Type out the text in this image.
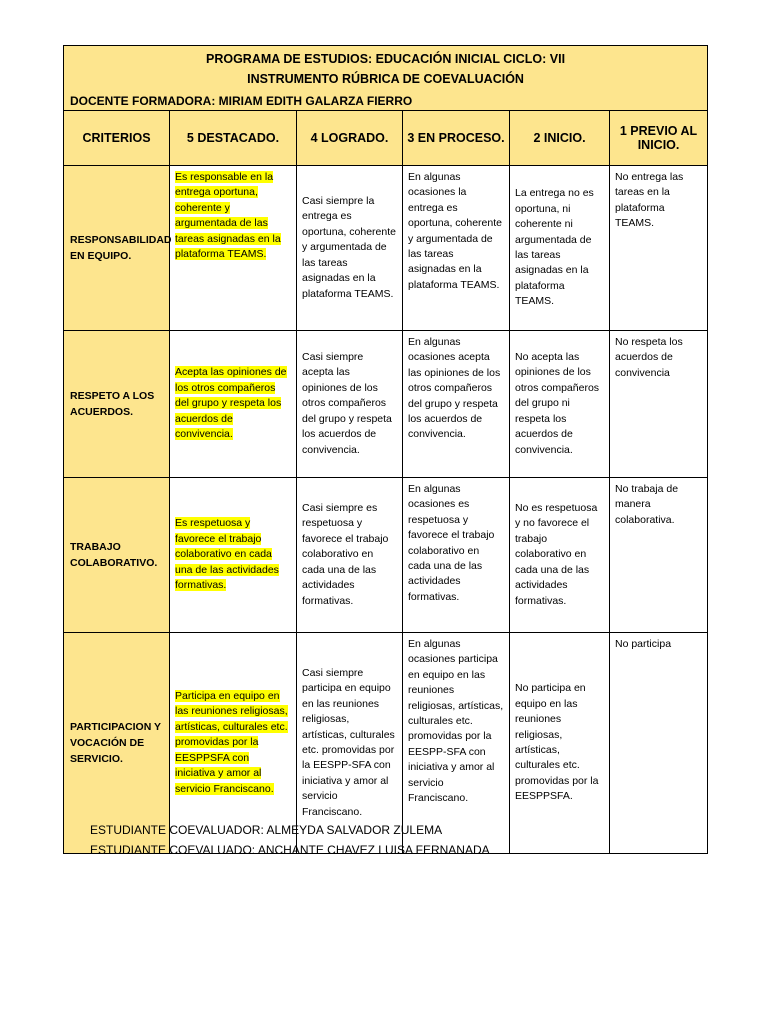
PROGRAMA DE ESTUDIOS: EDUCACIÓN INICIAL CICLO: VII
INSTRUMENTO RÚBRICA DE COEVALUACIÓN
DOCENTE FORMADORA: MIRIAM EDITH GALARZA FIERRO					

CRITERIOS	5 DESTACADO.	4 LOGRADO.	3 EN PROCESO.	2 INICIO.	1 PREVIO AL INICIO.
RESPONSABILIDAD EN EQUIPO.	Es responsable en la entrega oportuna, coherente y argumentada de las tareas asignadas en la plataforma TEAMS.	Casi siempre la entrega es oportuna, coherente y argumentada de las tareas asignadas en la plataforma TEAMS.	En algunas ocasiones la entrega es oportuna, coherente y argumentada de las tareas asignadas en la plataforma TEAMS.	La entrega no es oportuna, ni coherente ni argumentada de las tareas asignadas en la plataforma TEAMS.	No entrega las tareas en la plataforma TEAMS.
RESPETO A LOS ACUERDOS.	Acepta las opiniones de los otros compañeros del grupo y respeta los acuerdos de convivencia.	Casi siempre acepta las opiniones de los otros compañeros del grupo y respeta los acuerdos de convivencia.	En algunas ocasiones acepta las opiniones de los otros compañeros del grupo y respeta los acuerdos de convivencia.	No acepta las opiniones de los otros compañeros del grupo ni respeta los acuerdos de convivencia.	No respeta los acuerdos de convivencia
TRABAJO COLABORATIVO.	Es respetuosa y favorece el trabajo colaborativo en cada una de las actividades formativas.	Casi siempre es respetuosa y favorece el trabajo colaborativo en cada una de las actividades formativas.	En algunas ocasiones es respetuosa y favorece el trabajo colaborativo en cada una de las actividades formativas.	No es respetuosa y no favorece el trabajo colaborativo en cada una de las actividades formativas.	No trabaja de manera colaborativa.
PARTICIPACION Y VOCACIÓN DE SERVICIO.	Participa en equipo en las reuniones religiosas, artísticas, culturales etc. promovidas por la EESPPSFA con iniciativa y amor al servicio Franciscano.	Casi siempre participa en equipo en las reuniones religiosas, artísticas, culturales etc. promovidas por la EESPP-SFA con iniciativa y amor al servicio Franciscano.	En algunas ocasiones participa en equipo en las reuniones religiosas, artísticas, culturales etc. promovidas por la EESPP-SFA con iniciativa y amor al servicio Franciscano.	No participa en equipo en las reuniones religiosas, artísticas, culturales etc. promovidas por la EESPPSFA.	No participa
ESTUDIANTE COEVALUADOR: ALMEYDA SALVADOR ZULEMA
ESTUDIANTE COEVALUADO: ANCHANTE CHAVEZ LUISA FERNANADA
